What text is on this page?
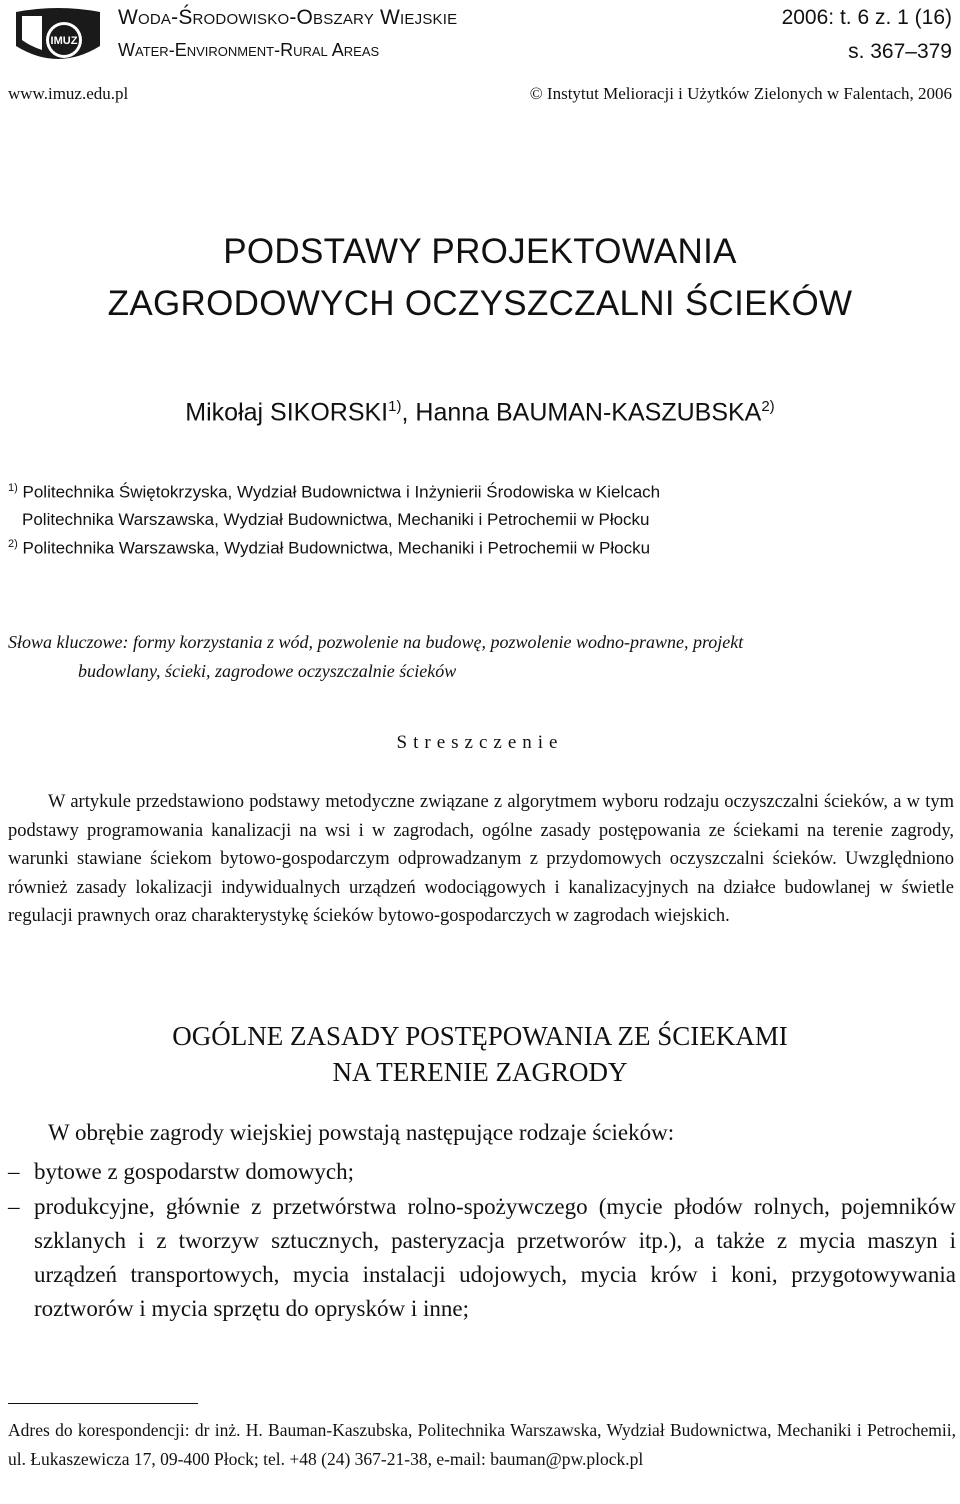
IMUZ
Woda-Środowisko-Obszary Wiejskie
Water-Environment-Rural Areas
2006: t. 6 z. 1 (16)
s. 367–379
www.imuz.edu.pl	© Instytut Melioracji i Użytków Zielonych w Falentach, 2006
PODSTAWY PROJEKTOWANIA
ZAGRODOWYCH OCZYSZCZALNI ŚCIEKÓW
Mikołaj SIKORSKI$^{1)}$, Hanna BAUMAN-KASZUBSKA$^{2)}$
$^{1)}$ Politechnika Świętokrzyska, Wydział Budownictwa i Inżynierii Środowiska w Kielcach
Politechnika Warszawska, Wydział Budownictwa, Mechaniki i Petrochemii w Płocku
$^{2)}$ Politechnika Warszawska, Wydział Budownictwa, Mechaniki i Petrochemii w Płocku
Słowa kluczowe: formy korzystania z wód, pozwolenie na budowę, pozwolenie wodno-prawne, projekt
budowlany, ścieki, zagrodowe oczyszczalnie ścieków
Streszczenie
W artykule przedstawiono podstawy metodyczne związane z algorytmem wyboru rodzaju oczyszczalni ścieków, a w tym podstawy programowania kanalizacji na wsi i w zagrodach, ogólne zasady postępowania ze ściekami na terenie zagrody, warunki stawiane ściekom bytowo-gospodarczym odprowadzanym z przydomowych oczyszczalni ścieków. Uwzględniono również zasady lokalizacji indywidualnych urządzeń wodociągowych i kanalizacyjnych na działce budowlanej w świetle regulacji prawnych oraz charakterystykę ścieków bytowo-gospodarczych w zagrodach wiejskich.
OGÓLNE ZASADY POSTĘPOWANIA ZE ŚCIEKAMI
NA TERENIE ZAGRODY
W obrębie zagrody wiejskiej powstają następujące rodzaje ścieków:
– bytowe z gospodarstw domowych;
– produkcyjne, głównie z przetwórstwa rolno-spożywczego (mycie płodów rolnych, pojemników szklanych i z tworzyw sztucznych, pasteryzacja przetworów itp.), a także z mycia maszyn i urządzeń transportowych, mycia instalacji udojowych, mycia krów i koni, przygotowywania roztworów i mycia sprzętu do oprysków i inne;
Adres do korespondencji: dr inż. H. Bauman-Kaszubska, Politechnika Warszawska, Wydział Budownictwa, Mechaniki i Petrochemii, ul. Łukaszewicza 17, 09-400 Płock; tel. +48 (24) 367-21-38, e-mail: bauman@pw.plock.pl
